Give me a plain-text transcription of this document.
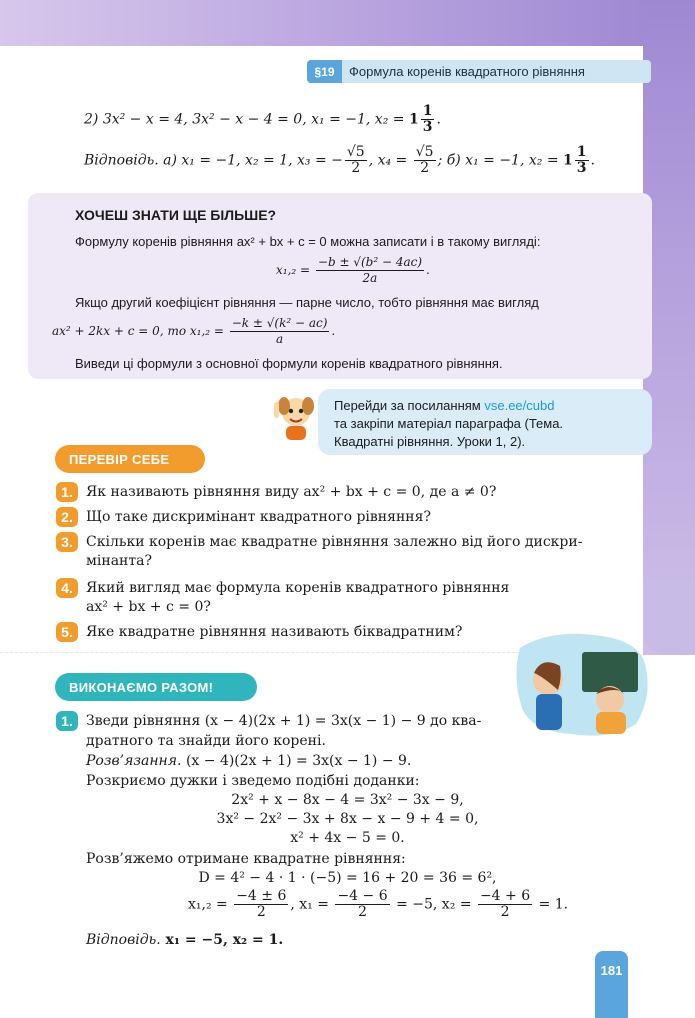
§19	Формула коренів квадратного рівняння
2) 3x² − x = 4, 3x² − x − 4 = 0, x₁ = −1, $x_2 = 1 \frac{1}{3}$ .
Відповідь. а) x₁ = −1, x₂ = 1, x₃ = − $\frac{√5}{2}$ , $x_4 = \frac{√5}{2}$ ; б) x₁ = −1, $x_2 = 1 \frac{1}{3}$ .
ХОЧЕШ ЗНАТИ ЩЕ БІЛЬШЕ?
Формулу коренів рівняння ax² + bx + c = 0 можна записати і в такому вигляді:
$x_1,_2 = \frac{\text{−b ± √(b² − 4ac)}}{2a}$ .
Якщо другий коефіцієнт рівняння — парне число, тобто рівняння має вигляд
ax² + 2kx + c = 0, то $x_1,_2 = \frac{\text{−k ± √(k² − ac)}}{a}$ .
Виведи ці формули з основної формули коренів квадратного рівняння.
Перейди за посиланням vse.ee/cubd
та закріпи матеріал параграфа (Тема.
Квадратні рівняння. Уроки 1, 2).
ПЕРЕВІР СЕБЕ
1. Як називають рівняння виду ax² + bx + c = 0, де a ≠ 0?
2. Що таке дискримінант квадратного рівняння?
3. Скільки коренів має квадратне рівняння залежно від його дискри-
мінанта?
4. Який вигляд має формула коренів квадратного рівняння
ax² + bx + c = 0?
5. Яке квадратне рівняння називають біквадратним?
ВИКОНАЄМО РАЗОМ!
1. Зведи рівняння (x − 4)(2x + 1) = 3x(x − 1) − 9 до ква-
дратного та знайди його корені.
Розв’язання. (x − 4)(2x + 1) = 3x(x − 1) − 9.
Розкриємо дужки і зведемо подібні доданки:
2x² + x − 8x − 4 = 3x² − 3x − 9,
3x² − 2x² − 3x + 8x − x − 9 + 4 = 0,
x² + 4x − 5 = 0.
Розв’яжемо отримане квадратне рівняння:
D = 4² − 4 · 1 · (−5) = 16 + 20 = 36 = 6²,
$x_1,_2 = \frac{-4 \pm 6}{2}$ , $x_1 = \frac{-4 - 6}{2} = -5$, $x_2 = \frac{-4 + 6}{2} = 1$.
Відповідь. x₁ = −5, x₂ = 1.
181
